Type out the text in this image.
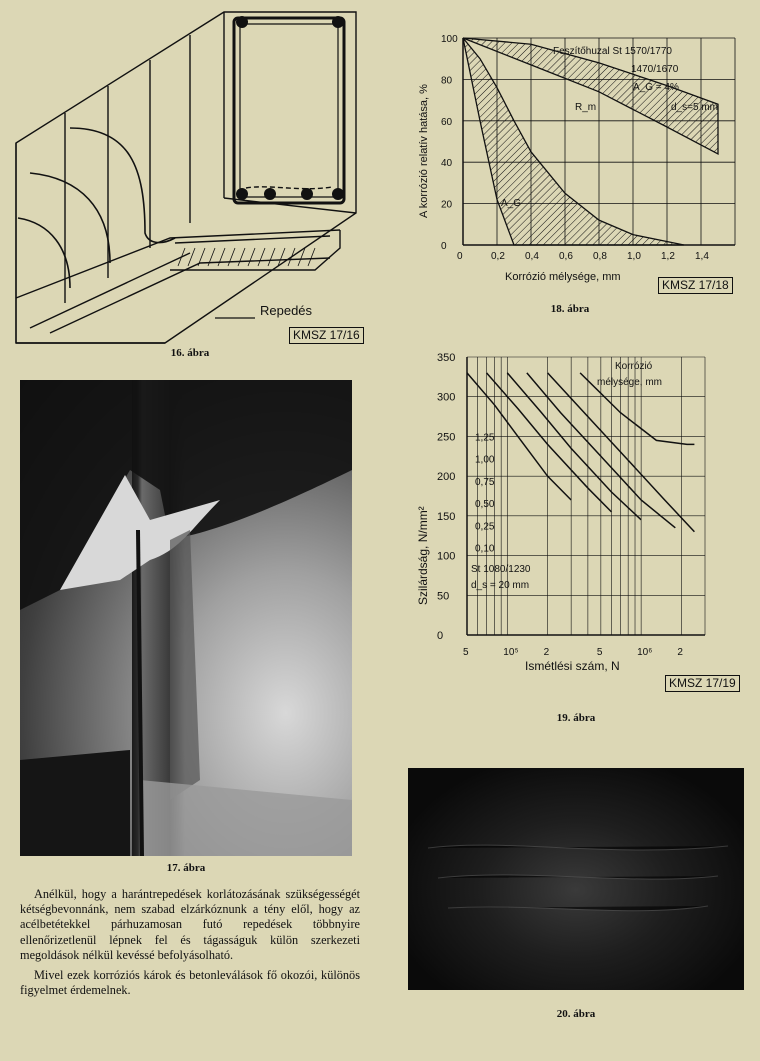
Repedés
KMSZ 17/16
16. ábra
0	0,2 0,4 0,6 0,8 1,0 1,2 1,4
0
20
40
60
80
100
A korrózió relatív hatása, %
Korrózió mélysége, mm
Feszítőhuzal St 1570/1770
1470/1670
A_G = 4%
d_s=5 mm
R_m
A_G
KMSZ 17/18
18. ábra
17. ábra
5	10⁵	2	5	10⁶	2
0
50
100
150
200
250
300
350
1,25
1,00
0,75
0,50
0,25
0,10
Szilárdság, N/mm²
Ismétlési szám, N
Korrózió
mélysége, mm
St 1080/1230
d_s = 20 mm
KMSZ 17/19
19. ábra
20. ábra

Anélkül, hogy a harántrepedések korlátozásának szükségességét kétségbevonnánk, nem szabad elzárkóznunk a tény elől, hogy az acélbetétekkel párhuzamosan futó repedések többnyire ellenőrizetlenül lépnek fel és tágasságuk külön szerkezeti megoldások nélkül kevéssé befolyásolható.

Mivel ezek korróziós károk és betonleválások fő okozói, különös figyelmet érdemelnek.
